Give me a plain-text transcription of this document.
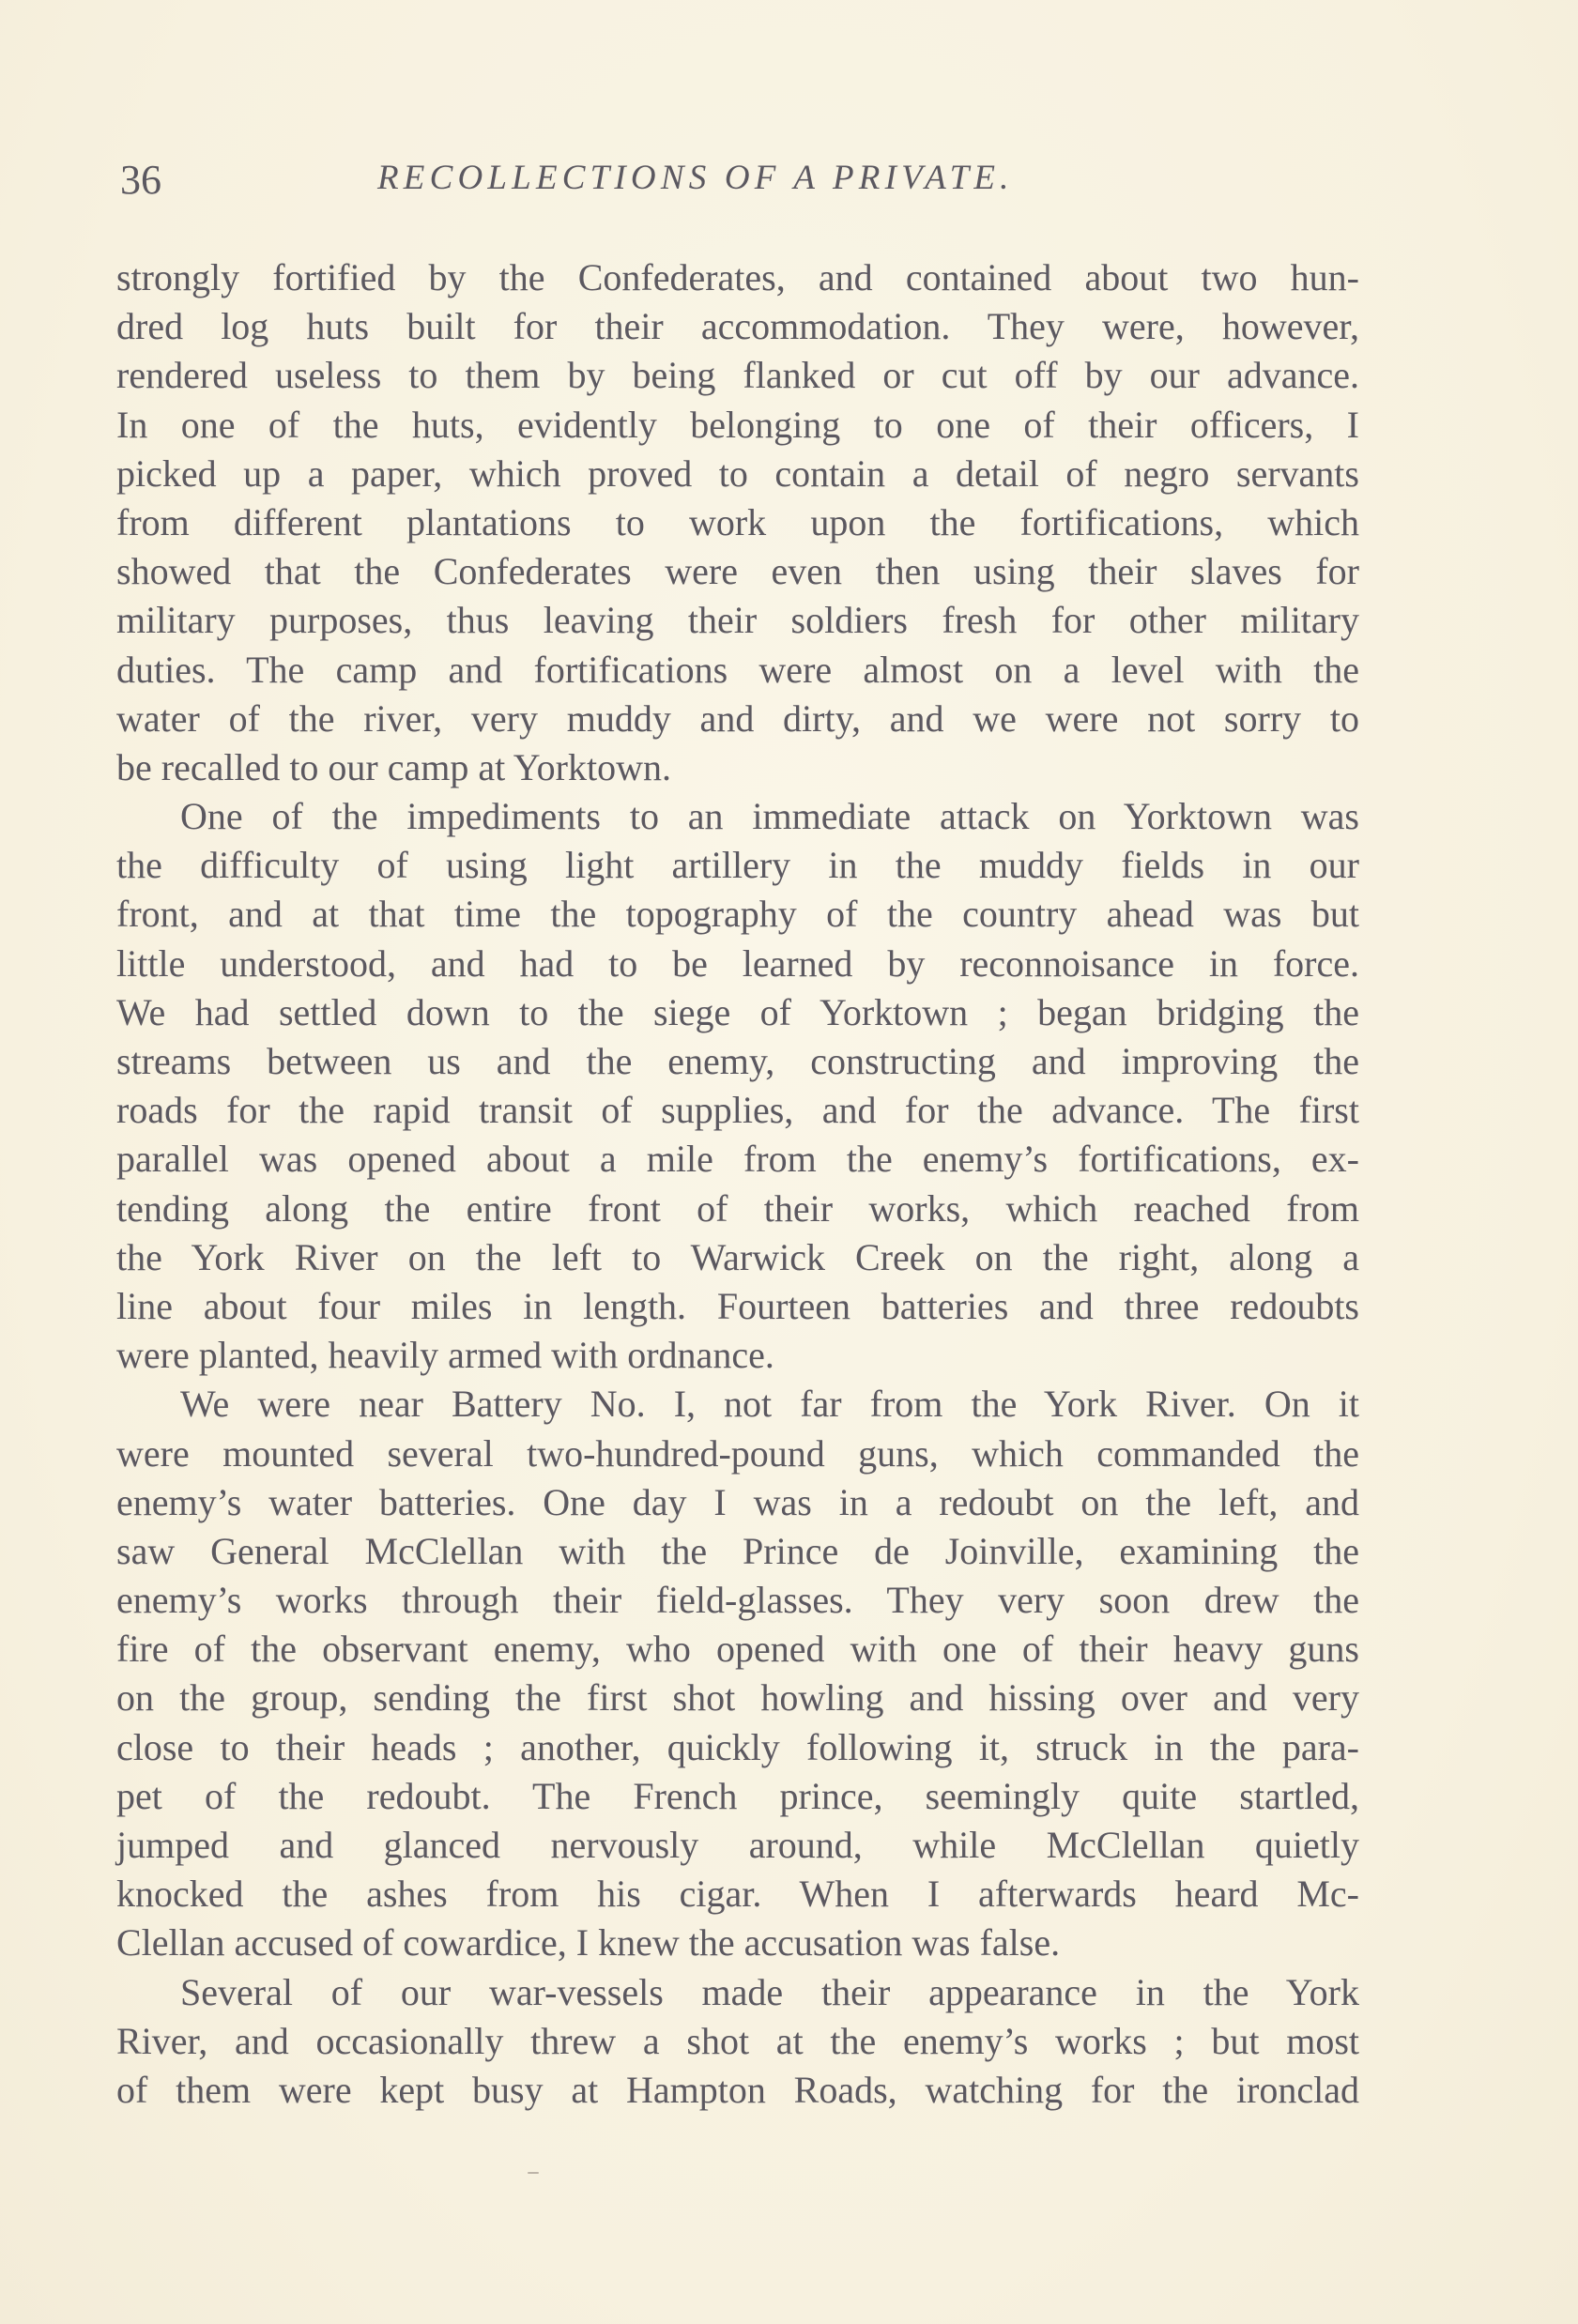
36	RECOLLECTIONS OF A PRIVATE.
strongly fortified by the Confederates, and contained about two hun-
dred log huts built for their accommodation. They were, however,
rendered useless to them by being flanked or cut off by our advance.
In one of the huts, evidently belonging to one of their officers, I
picked up a paper, which proved to contain a detail of negro servants
from different plantations to work upon the fortifications, which
showed that the Confederates were even then using their slaves for
military purposes, thus leaving their soldiers fresh for other military
duties. The camp and fortifications were almost on a level with the
water of the river, very muddy and dirty, and we were not sorry to
be recalled to our camp at Yorktown.
One of the impediments to an immediate attack on Yorktown was
the difficulty of using light artillery in the muddy fields in our
front, and at that time the topography of the country ahead was but
little understood, and had to be learned by reconnoisance in force.
We had settled down to the siege of Yorktown ; began bridging the
streams between us and the enemy, constructing and improving the
roads for the rapid transit of supplies, and for the advance. The first
parallel was opened about a mile from the enemy’s fortifications, ex-
tending along the entire front of their works, which reached from
the York River on the left to Warwick Creek on the right, along a
line about four miles in length. Fourteen batteries and three redoubts
were planted, heavily armed with ordnance.
We were near Battery No. I, not far from the York River. On it
were mounted several two-hundred-pound guns, which commanded the
enemy’s water batteries. One day I was in a redoubt on the left, and
saw General McClellan with the Prince de Joinville, examining the
enemy’s works through their field-glasses. They very soon drew the
fire of the observant enemy, who opened with one of their heavy guns
on the group, sending the first shot howling and hissing over and very
close to their heads ; another, quickly following it, struck in the para-
pet of the redoubt. The French prince, seemingly quite startled,
jumped and glanced nervously around, while McClellan quietly
knocked the ashes from his cigar. When I afterwards heard Mc-
Clellan accused of cowardice, I knew the accusation was false.
Several of our war-vessels made their appearance in the York
River, and occasionally threw a shot at the enemy’s works ; but most
of them were kept busy at Hampton Roads, watching for the ironclad
